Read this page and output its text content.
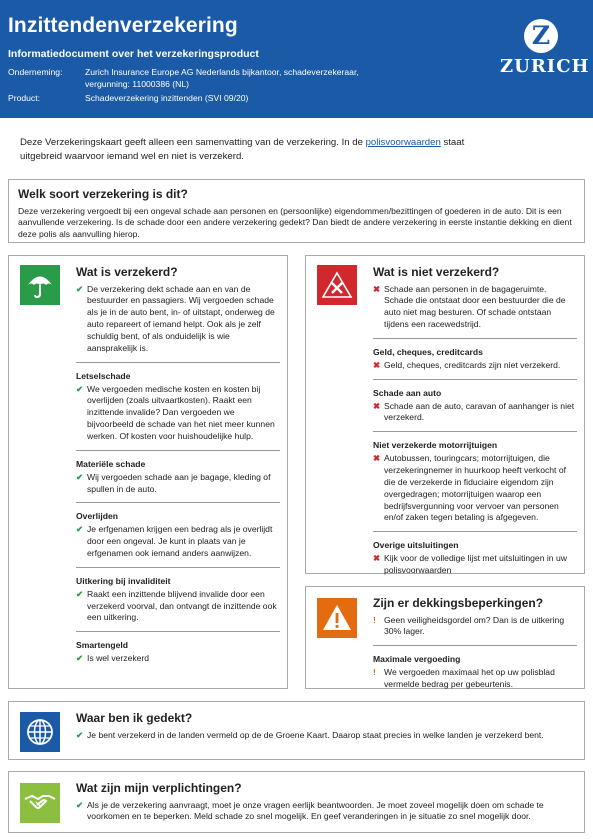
Inzittendenverzekering
Informatiedocument over het verzekeringsproduct
Onderneming:	Zurich Insurance Europe AG Nederlands bijkantoor, schadeverzekeraar, vergunning: 11000386 (NL)
Product:	Schadeverzekering inzittenden (SVI 09/20)
Z
ZURICH
Deze Verzekeringskaart geeft alleen een samenvatting van de verzekering. In de polisvoorwaarden staat uitgebreid waarvoor iemand wel en niet is verzekerd.
Welk soort verzekering is dit?
Deze verzekering vergoedt bij een ongeval schade aan personen en (persoonlijke) eigendommen/bezittingen of goederen in de auto. Dit is een aanvullende verzekering. Is de schade door een andere verzekering gedekt? Dan biedt de andere verzekering in eerste instantie dekking en dient deze polis als aanvulling hierop.
Wat is verzekerd?
✔ De verzekering dekt schade aan en van de bestuurder en passagiers. Wij vergoeden schade als je in de auto bent, in- of uitstapt, onderweg de auto repareert of iemand helpt. Ook als je zelf schuldig bent, of als onduidelijk is wie aansprakelijk is.
Letselschade
✔ We vergoeden medische kosten en kosten bij overlijden (zoals uitvaartkosten). Raakt een inzittende invalide? Dan vergoeden we bijvoorbeeld de schade van het niet meer kunnen werken. Of kosten voor huishoudelijke hulp.
Materiële schade
✔ Wij vergoeden schade aan je bagage, kleding of spullen in de auto.
Overlijden
✔ Je erfgenamen krijgen een bedrag als je overlijdt door een ongeval. Je kunt in plaats van je erfgenamen ook iemand anders aanwijzen.
Uitkering bij invaliditeit
✔ Raakt een inzittende blijvend invalide door een verzekerd voorval, dan ontvangt de inzittende ook een uitkering.
Smartengeld
✔ Is wel verzekerd
Wat is niet verzekerd?
✖ Schade aan personen in de bagageruimte. Schade die ontstaat door een bestuurder die de auto niet mag besturen. Of schade ontstaan tijdens een racewedstrijd.
Geld, cheques, creditcards
✖ Geld, cheques, creditcards zijn niet verzekerd.
Schade aan auto
✖ Schade aan de auto, caravan of aanhanger is niet verzekerd.
Niet verzekerde motorrijtuigen
✖ Autobussen, touringcars; motorrijtuigen, die verzekeringnemer in huurkoop heeft verkocht of die de verzekerde in fiduciaire eigendom zijn overgedragen; motorrijtuigen waarop een bedrijfsvergunning voor vervoer van personen en/of zaken tegen betaling is afgegeven.
Overige uitsluitingen
✖ Kijk voor de volledige lijst met uitsluitingen in uw polisvoorwaarden
Zijn er dekkingsbeperkingen?
! Geen veiligheidsgordel om? Dan is de uitkering 30% lager.
Maximale vergoeding
! We vergoeden maximaal het op uw polisblad vermelde bedrag per gebeurtenis.
Waar ben ik gedekt?
✔ Je bent verzekerd in de landen vermeld op de de Groene Kaart. Daarop staat precies in welke landen je verzekerd bent.
Wat zijn mijn verplichtingen?
✔ Als je de verzekering aanvraagt, moet je onze vragen eerlijk beantwoorden. Je moet zoveel mogelijk doen om schade te voorkomen en te beperken. Meld schade zo snel mogelijk. En geef veranderingen in je situatie zo snel mogelijk door.
